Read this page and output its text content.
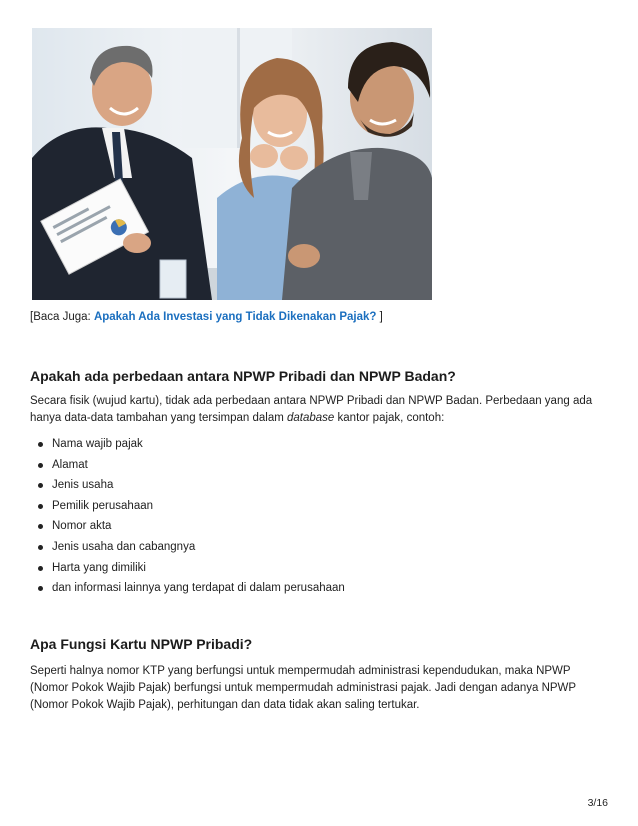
[Baca Juga: Apakah Ada Investasi yang Tidak Dikenakan Pajak? ]
Apakah ada perbedaan antara NPWP Pribadi dan NPWP Badan?

Secara fisik (wujud kartu), tidak ada perbedaan antara NPWP Pribadi dan NPWP Badan. Perbedaan yang ada hanya data-data tambahan yang tersimpan dalam database kantor pajak, contoh:

Nama wajib pajak
Alamat
Jenis usaha
Pemilik perusahaan
Nomor akta
Jenis usaha dan cabangnya
Harta yang dimiliki
dan informasi lainnya yang terdapat di dalam perusahaan
Apa Fungsi Kartu NPWP Pribadi?

Seperti halnya nomor KTP yang berfungsi untuk mempermudah administrasi kependudukan, maka NPWP (Nomor Pokok Wajib Pajak) berfungsi untuk mempermudah administrasi pajak. Jadi dengan adanya NPWP (Nomor Pokok Wajib Pajak), perhitungan dan data tidak akan saling tertukar.

3/16
